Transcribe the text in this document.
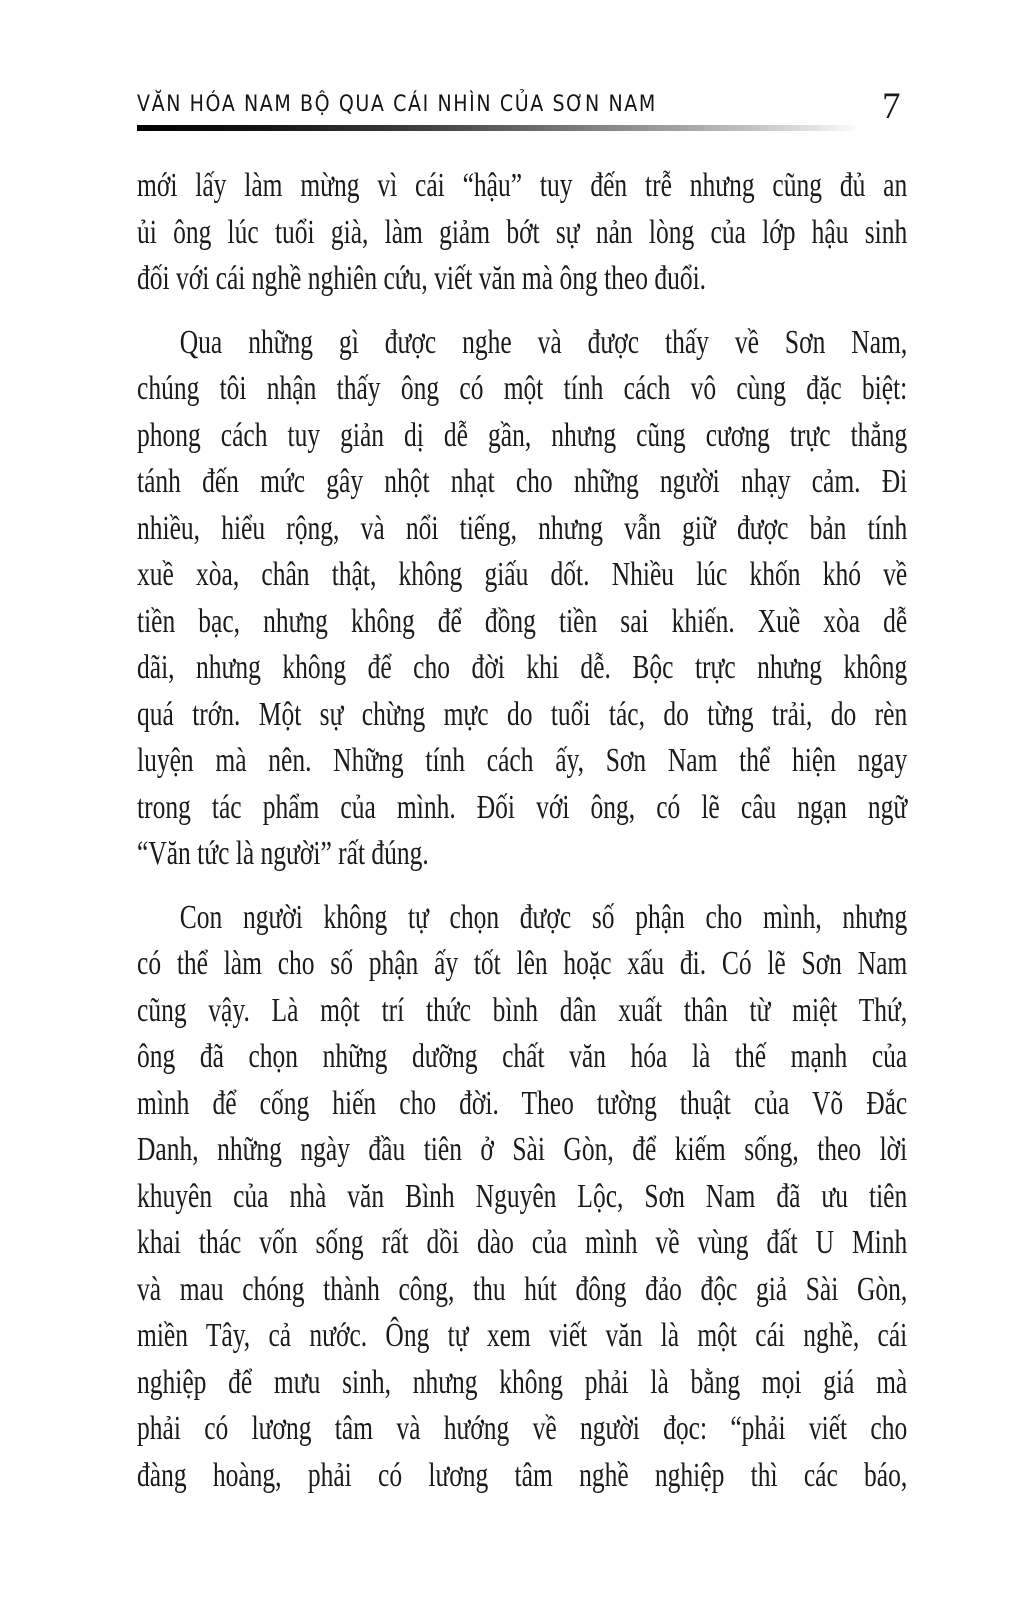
VĂN HÓA NAM BỘ QUA CÁI NHÌN CỦA SƠN NAM	7
mới lấy làm mừng vì cái “hậu” tuy đến trễ nhưng cũng đủ an
ủi ông lúc tuổi già, làm giảm bớt sự nản lòng của lớp hậu sinh
đối với cái nghề nghiên cứu, viết văn mà ông theo đuổi.
Qua những gì được nghe và được thấy về Sơn Nam,
chúng tôi nhận thấy ông có một tính cách vô cùng đặc biệt:
phong cách tuy giản dị dễ gần, nhưng cũng cương trực thẳng
tánh đến mức gây nhột nhạt cho những người nhạy cảm. Đi
nhiều, hiểu rộng, và nổi tiếng, nhưng vẫn giữ được bản tính
xuề xòa, chân thật, không giấu dốt. Nhiều lúc khốn khó về
tiền bạc, nhưng không để đồng tiền sai khiến. Xuề xòa dễ
dãi, nhưng không để cho đời khi dễ. Bộc trực nhưng không
quá trớn. Một sự chừng mực do tuổi tác, do từng trải, do rèn
luyện mà nên. Những tính cách ấy, Sơn Nam thể hiện ngay
trong tác phẩm của mình. Đối với ông, có lẽ câu ngạn ngữ
“Văn tức là người” rất đúng.
Con người không tự chọn được số phận cho mình, nhưng
có thể làm cho số phận ấy tốt lên hoặc xấu đi. Có lẽ Sơn Nam
cũng vậy. Là một trí thức bình dân xuất thân từ miệt Thứ,
ông đã chọn những dưỡng chất văn hóa là thế mạnh của
mình để cống hiến cho đời. Theo tường thuật của Võ Đắc
Danh, những ngày đầu tiên ở Sài Gòn, để kiếm sống, theo lời
khuyên của nhà văn Bình Nguyên Lộc, Sơn Nam đã ưu tiên
khai thác vốn sống rất dồi dào của mình về vùng đất U Minh
và mau chóng thành công, thu hút đông đảo độc giả Sài Gòn,
miền Tây, cả nước. Ông tự xem viết văn là một cái nghề, cái
nghiệp để mưu sinh, nhưng không phải là bằng mọi giá mà
phải có lương tâm và hướng về người đọc: “phải viết cho
đàng hoàng, phải có lương tâm nghề nghiệp thì các báo,
